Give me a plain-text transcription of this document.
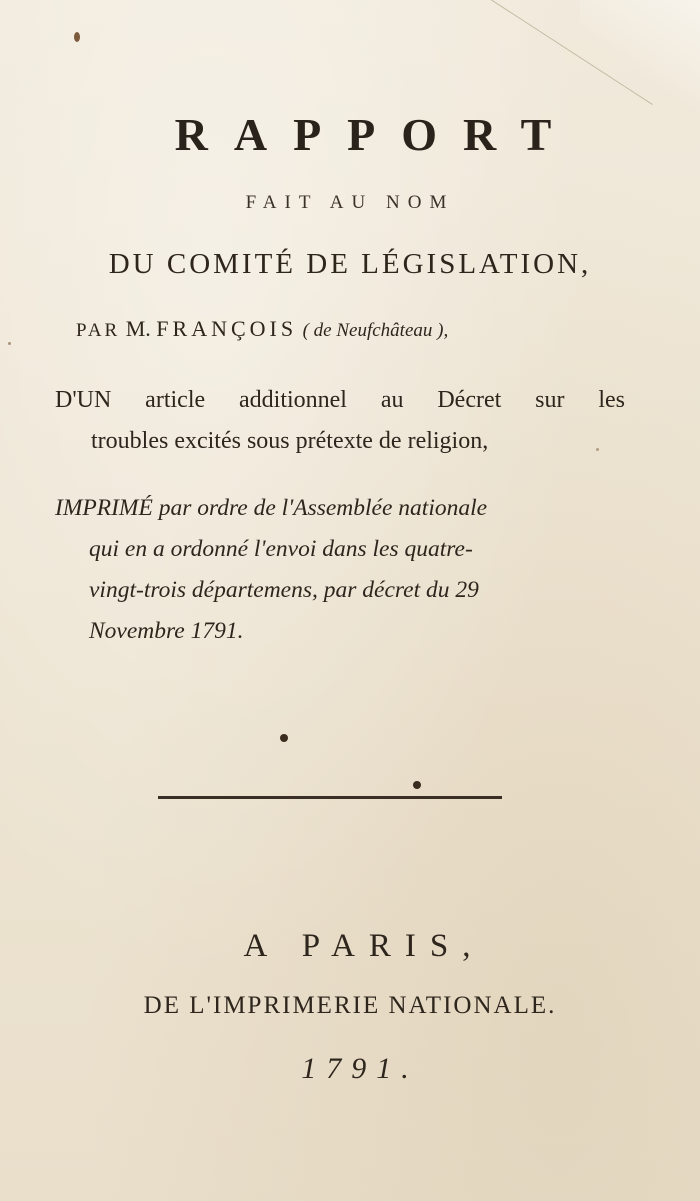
RAPPORT
FAIT AU NOM
DU COMITÉ DE LÉGISLATION,
PAR M. FRANÇOIS ( de Neufchâteau ),
D'UN article additionnel au Décret sur les
troubles excités sous prétexte de religion,
IMPRIMÉ par ordre de l'Assemblée nationale
qui en a ordonné l'envoi dans les quatre-
vingt-trois départemens, par décret du 29
Novembre 1791.
A PARIS,
DE L'IMPRIMERIE NATIONALE.
1791.
